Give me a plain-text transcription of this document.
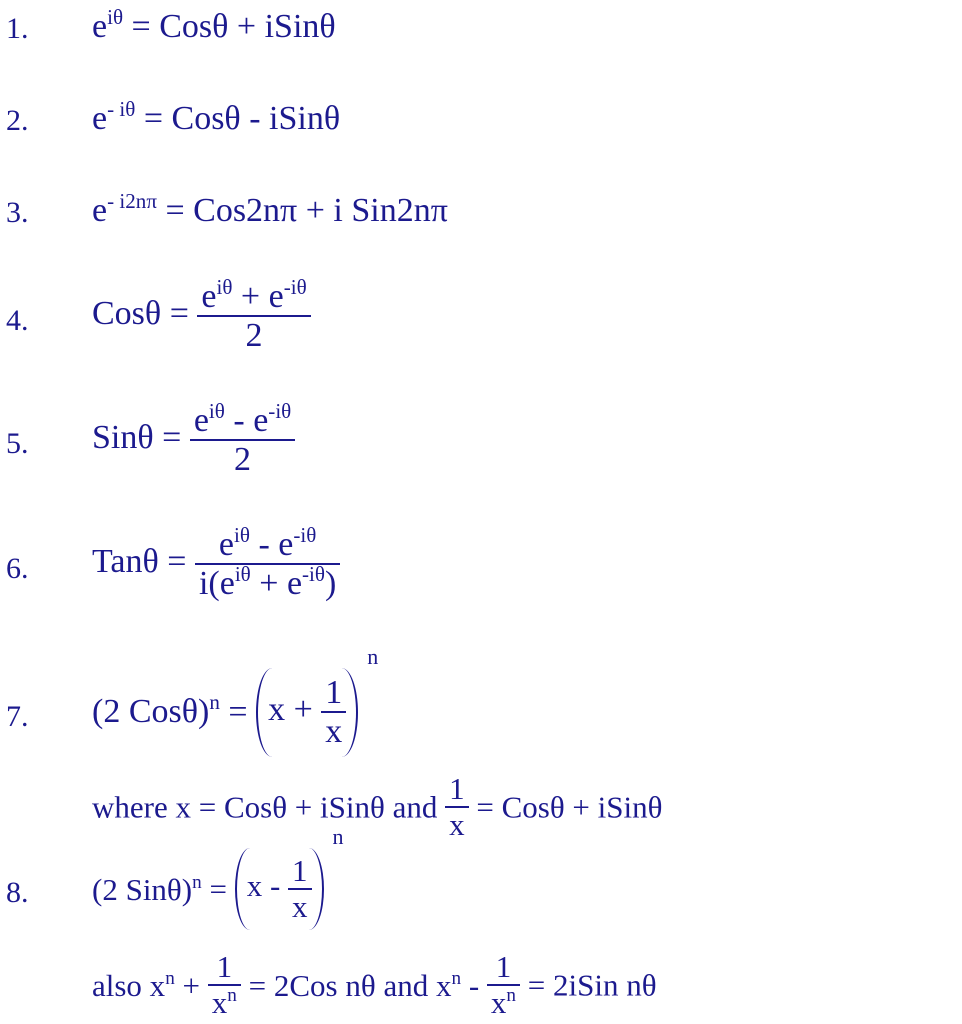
1. $e^{i\theta} = Cos\theta$ + iSinθ
2. $e^{- i\theta} = Cos\theta$ - iSinθ
3. $e^{- i2n\pi} = Cos2n\pi + i$ Sin2nπ
4. $Cos\theta = \frac{e^{i\theta} + e^{-i\theta}}{2}$
5. $Sin\theta = \frac{e^{i\theta} - e^{-i\theta}}{2}$
6. $Tan\theta = \frac{e^{i\theta} - e^{-i\theta}}{i(e^{i\theta} + e^{-i\theta})}$
7. (2 $Cos\theta)^n = x + \frac{1}{x}$
n
where x = Cosθ + iSinθ and $\frac{1}{x} = Cos\theta$ + iSinθ
8. (2 $Sin\theta)^n = x - \frac{1}{x}$
n
also $x^n + \frac{1}{x^n} = 2Cos$ nθ and $x^n - \frac{1}{x^n}$ = 2iSin nθ
